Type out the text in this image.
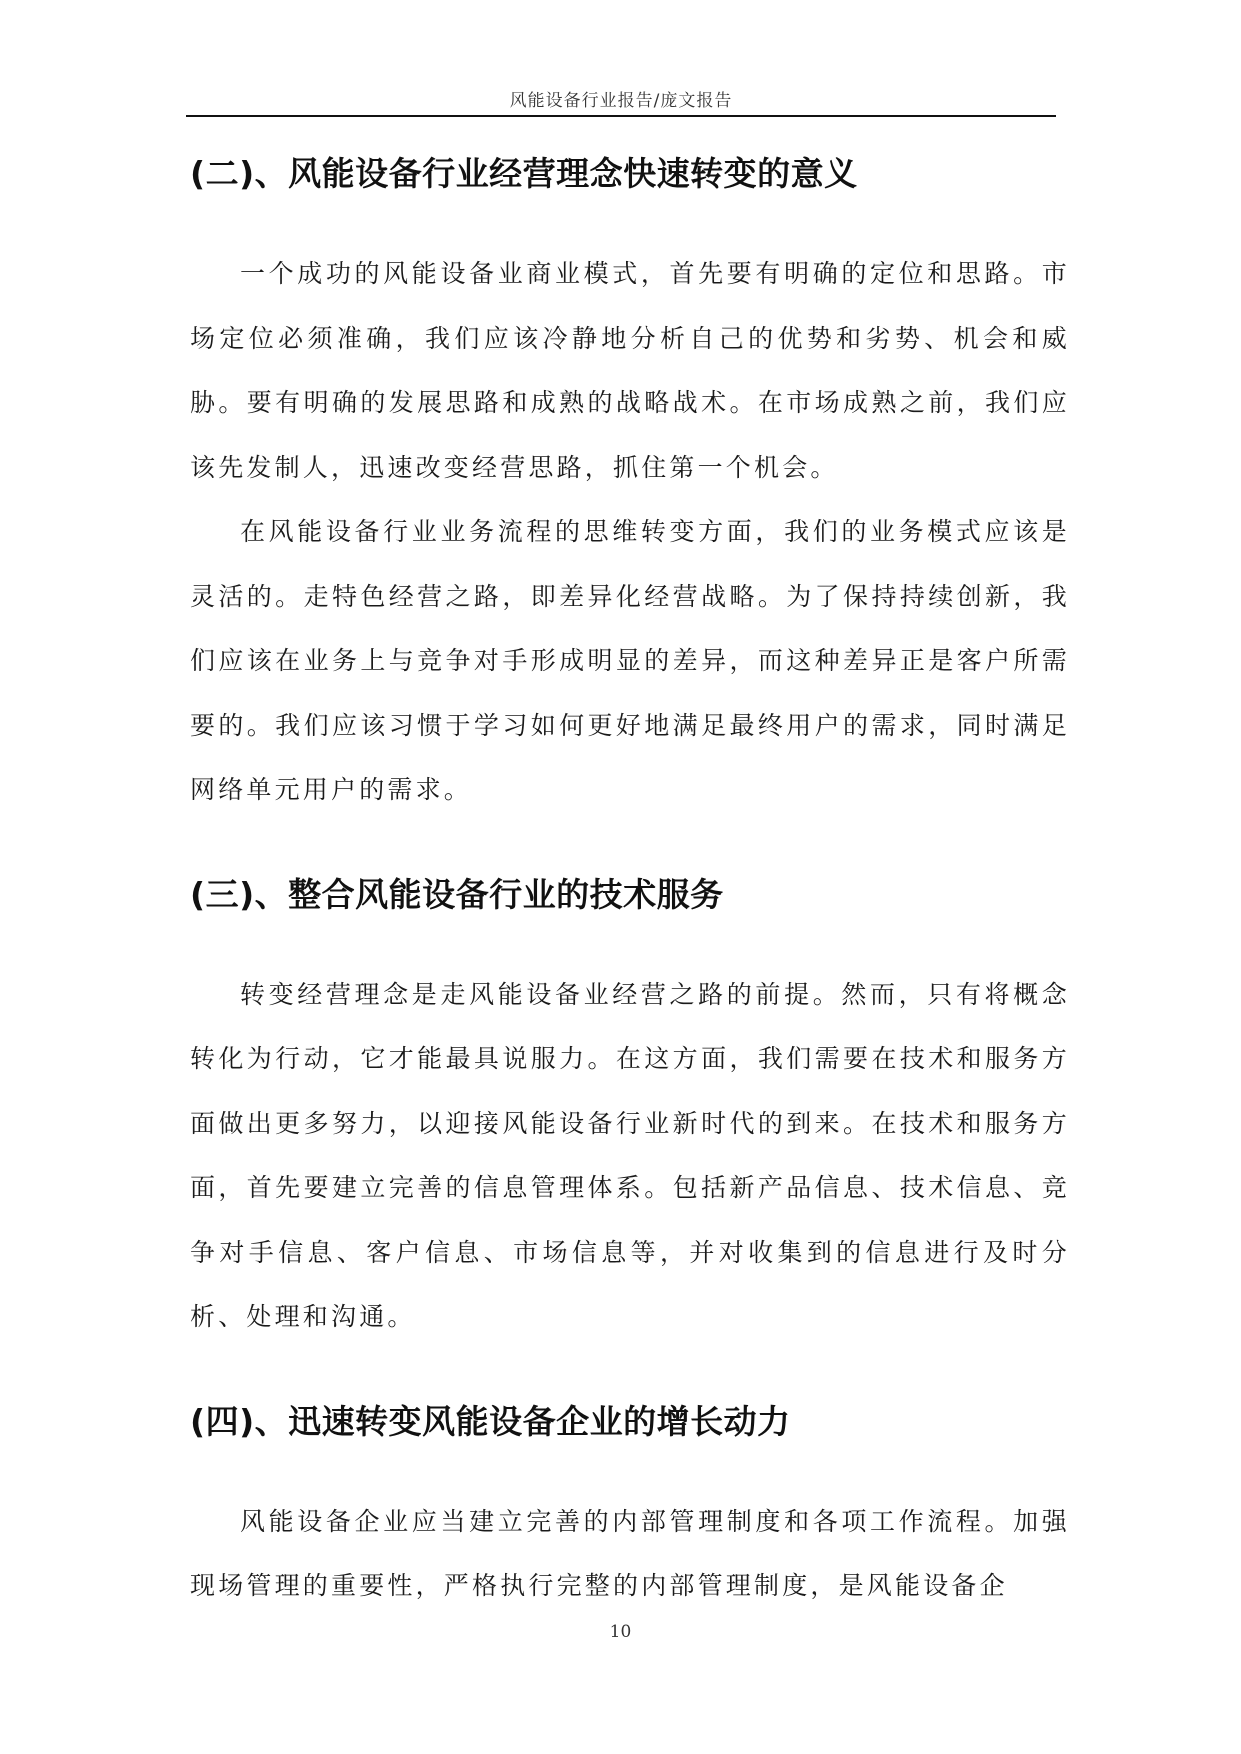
风能设备行业报告/庞文报告
(二)、风能设备行业经营理念快速转变的意义

一个成功的风能设备业商业模式，首先要有明确的定位和思路。市场定位必须准确，我们应该冷静地分析自己的优势和劣势、机会和威胁。要有明确的发展思路和成熟的战略战术。在市场成熟之前，我们应该先发制人，迅速改变经营思路，抓住第一个机会。

在风能设备行业业务流程的思维转变方面，我们的业务模式应该是灵活的。走特色经营之路，即差异化经营战略。为了保持持续创新，我们应该在业务上与竞争对手形成明显的差异，而这种差异正是客户所需要的。我们应该习惯于学习如何更好地满足最终用户的需求，同时满足网络单元用户的需求。

(三)、整合风能设备行业的技术服务

转变经营理念是走风能设备业经营之路的前提。然而，只有将概念转化为行动，它才能最具说服力。在这方面，我们需要在技术和服务方面做出更多努力，以迎接风能设备行业新时代的到来。在技术和服务方面，首先要建立完善的信息管理体系。包括新产品信息、技术信息、竞争对手信息、客户信息、市场信息等，并对收集到的信息进行及时分析、处理和沟通。

(四)、迅速转变风能设备企业的增长动力

风能设备企业应当建立完善的内部管理制度和各项工作流程。加强现场管理的重要性，严格执行完整的内部管理制度，是风能设备企

10
